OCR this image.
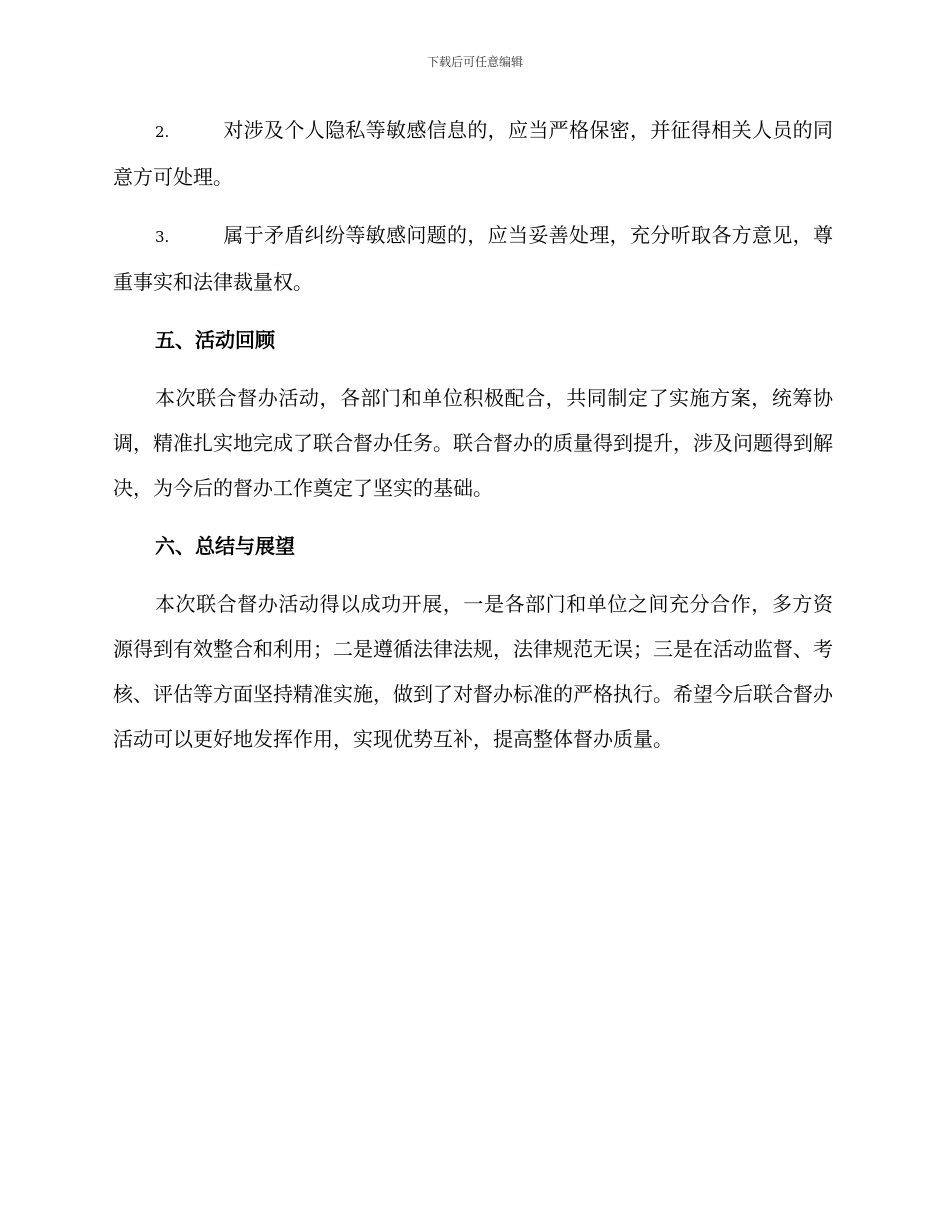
下载后可任意编辑

2.	对涉及个人隐私等敏感信息的，应当严格保密，并征得相关人员的同意方可处理。

3.	属于矛盾纠纷等敏感问题的，应当妥善处理，充分听取各方意见，尊重事实和法律裁量权。

五、活动回顾

本次联合督办活动，各部门和单位积极配合，共同制定了实施方案，统筹协调，精准扎实地完成了联合督办任务。联合督办的质量得到提升，涉及问题得到解决，为今后的督办工作奠定了坚实的基础。

六、总结与展望

本次联合督办活动得以成功开展，一是各部门和单位之间充分合作，多方资源得到有效整合和利用；二是遵循法律法规，法律规范无误；三是在活动监督、考核、评估等方面坚持精准实施，做到了对督办标准的严格执行。希望今后联合督办活动可以更好地发挥作用，实现优势互补，提高整体督办质量。
